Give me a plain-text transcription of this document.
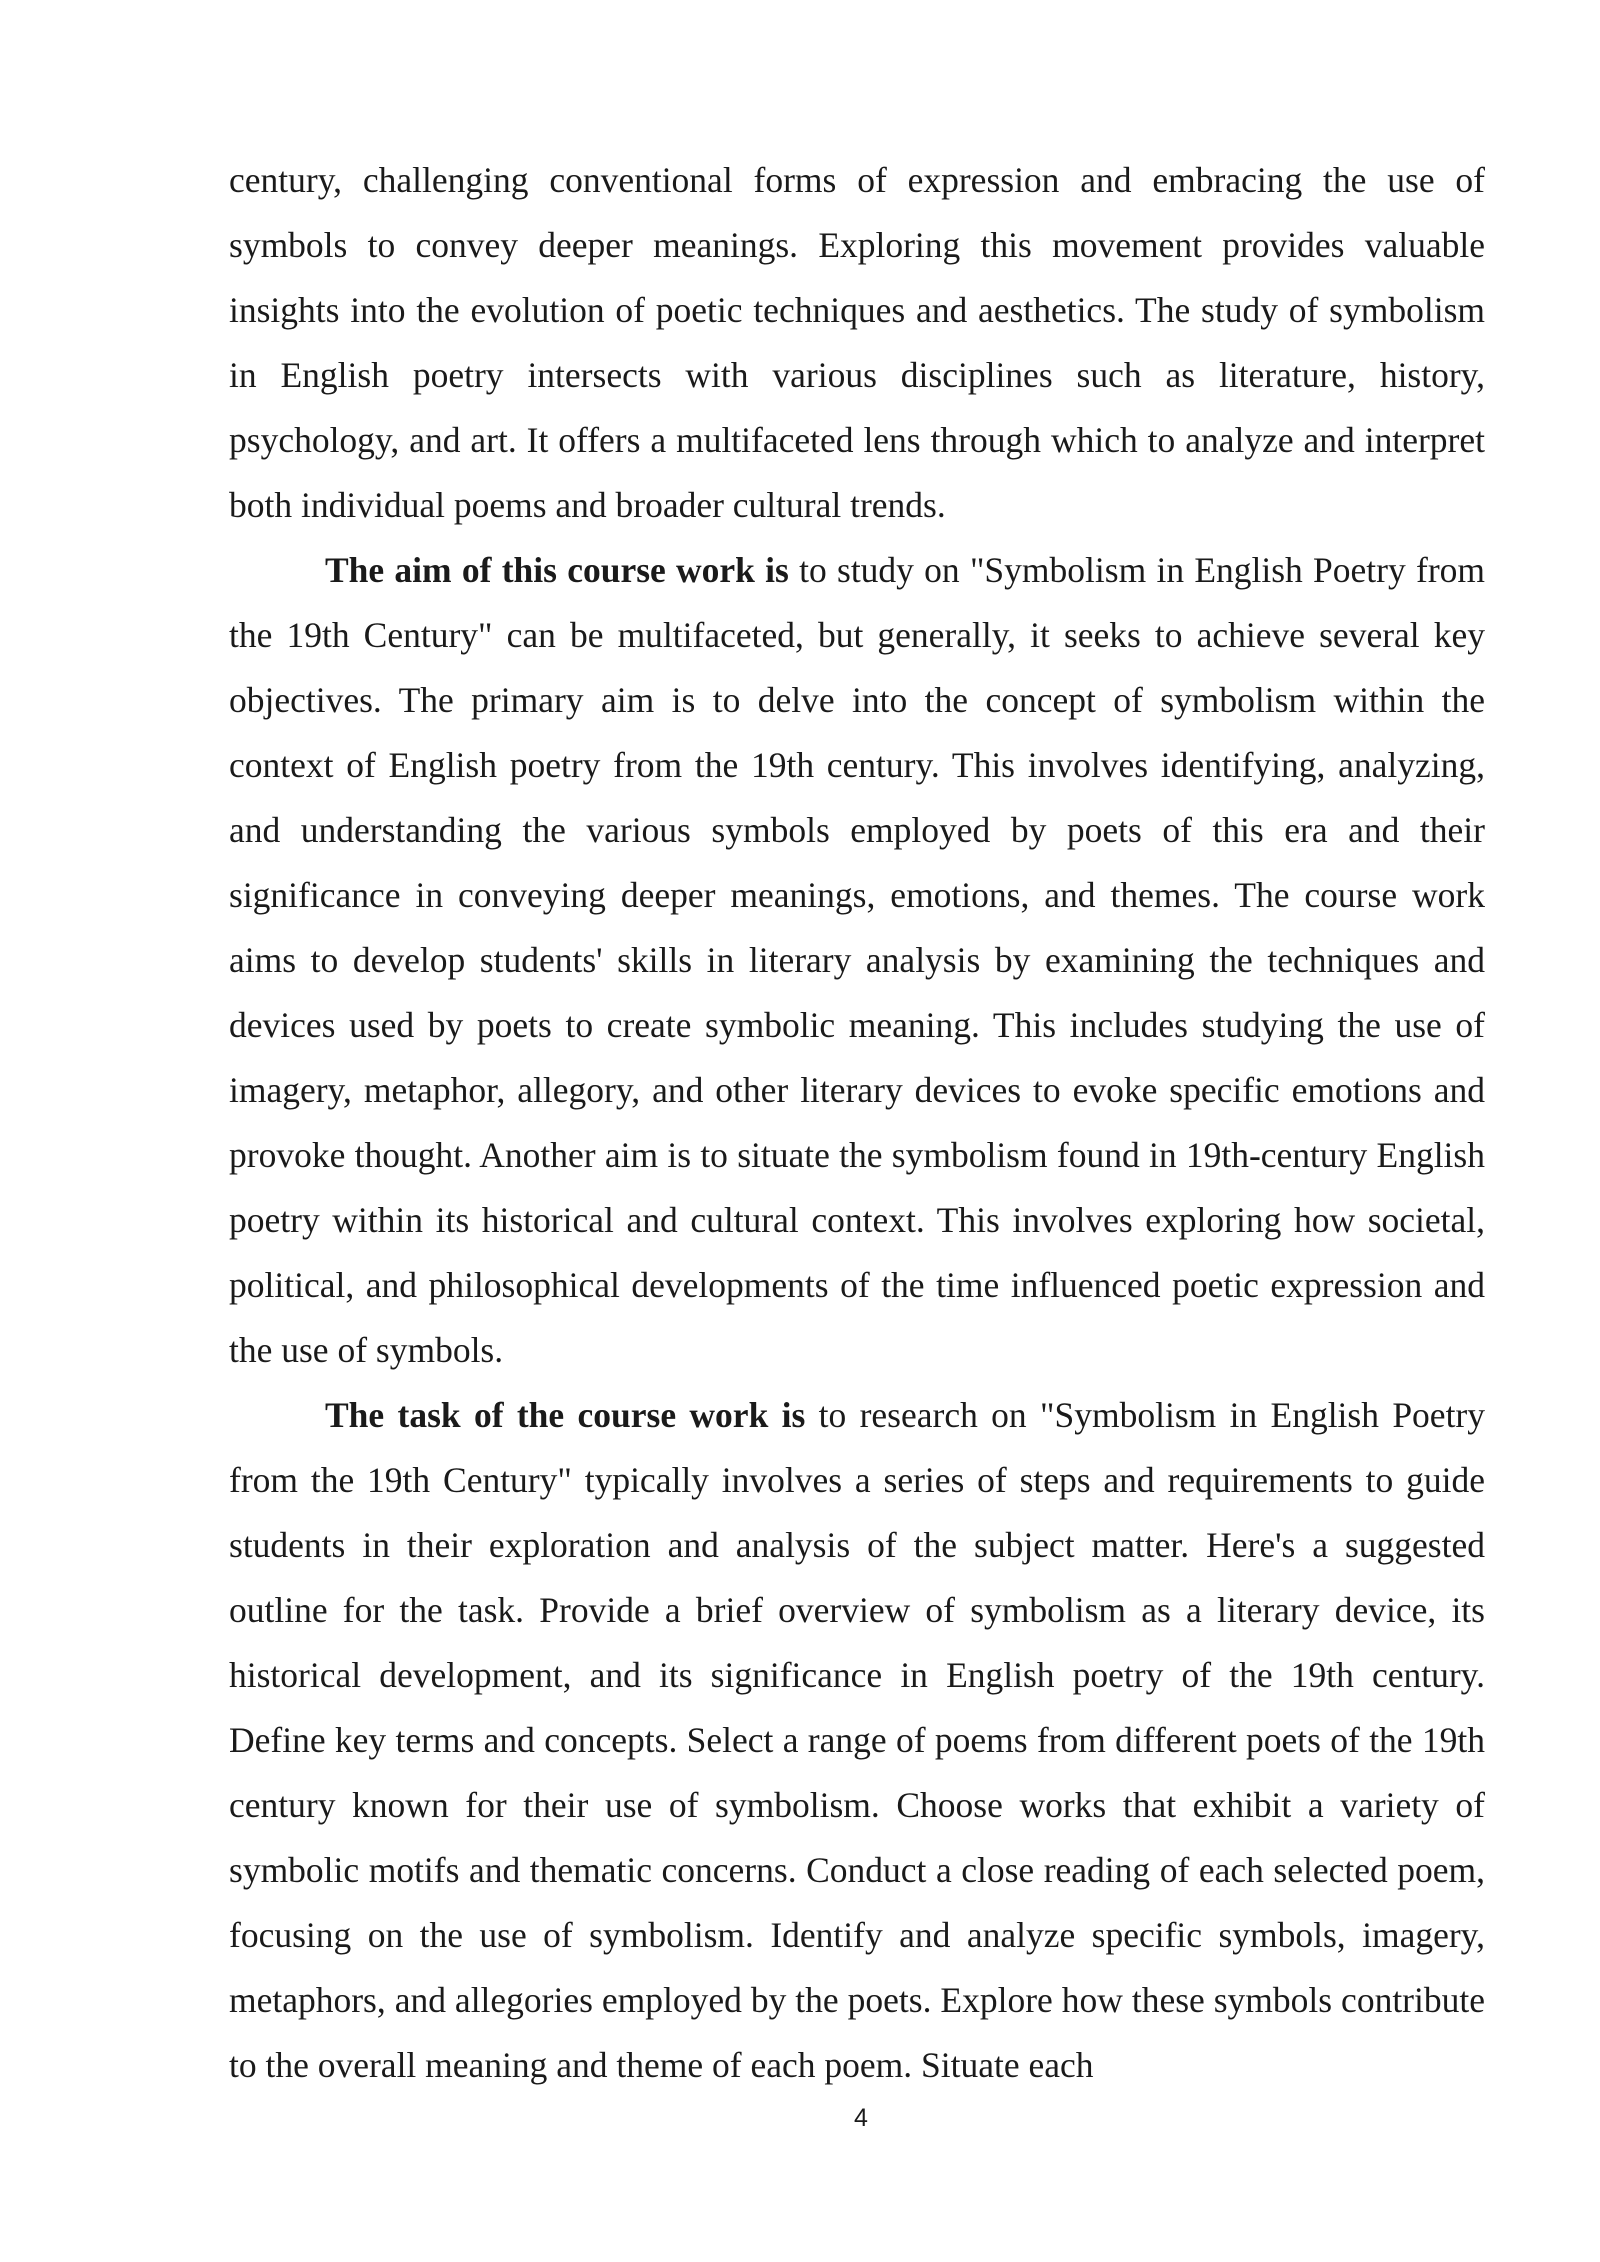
century, challenging conventional forms of expression and embracing the use of symbols to convey deeper meanings. Exploring this movement provides valuable insights into the evolution of poetic techniques and aesthetics. The study of symbolism in English poetry intersects with various disciplines such as literature, history, psychology, and art. It offers a multifaceted lens through which to analyze and interpret both individual poems and broader cultural trends.

The aim of this course work is to study on "Symbolism in English Poetry from the 19th Century" can be multifaceted, but generally, it seeks to achieve several key objectives. The primary aim is to delve into the concept of symbolism within the context of English poetry from the 19th century. This involves identifying, analyzing, and understanding the various symbols employed by poets of this era and their significance in conveying deeper meanings, emotions, and themes. The course work aims to develop students' skills in literary analysis by examining the techniques and devices used by poets to create symbolic meaning. This includes studying the use of imagery, metaphor, allegory, and other literary devices to evoke specific emotions and provoke thought. Another aim is to situate the symbolism found in 19th-century English poetry within its historical and cultural context. This involves exploring how societal, political, and philosophical developments of the time influenced poetic expression and the use of symbols.

The task of the course work is to research on "Symbolism in English Poetry from the 19th Century" typically involves a series of steps and requirements to guide students in their exploration and analysis of the subject matter. Here's a suggested outline for the task. Provide a brief overview of symbolism as a literary device, its historical development, and its significance in English poetry of the 19th century. Define key terms and concepts. Select a range of poems from different poets of the 19th century known for their use of symbolism. Choose works that exhibit a variety of symbolic motifs and thematic concerns. Conduct a close reading of each selected poem, focusing on the use of symbolism. Identify and analyze specific symbols, imagery, metaphors, and allegories employed by the poets. Explore how these symbols contribute to the overall meaning and theme of each poem. Situate each

4
